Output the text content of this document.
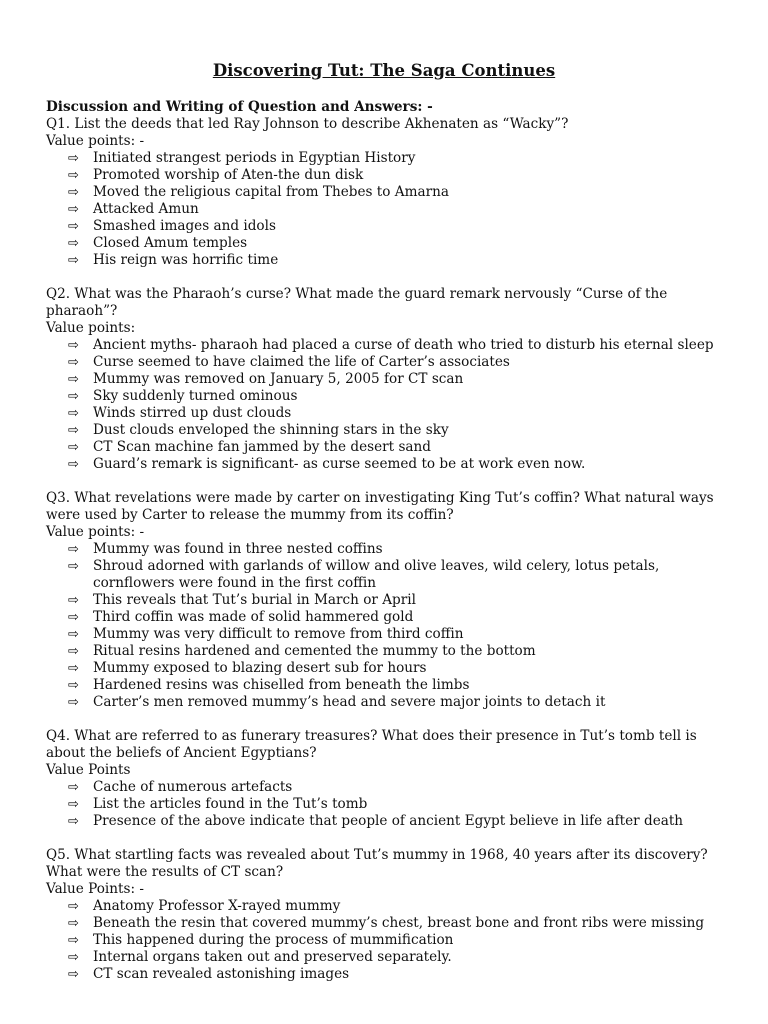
Discovering Tut: The Saga Continues
Discussion and Writing of Question and Answers: -
Q1. List the deeds that led Ray Johnson to describe Akhenaten as “Wacky”?
Value points: -
⇨	Initiated strangest periods in Egyptian History
⇨	Promoted worship of Aten-the dun disk
⇨	Moved the religious capital from Thebes to Amarna
⇨	Attacked Amun
⇨	Smashed images and idols
⇨	Closed Amum temples
⇨	His reign was horrific time
Q2. What was the Pharaoh’s curse? What made the guard remark nervously “Curse of the pharaoh”?
Value points:
⇨	Ancient myths- pharaoh had placed a curse of death who tried to disturb his eternal sleep
⇨	Curse seemed to have claimed the life of Carter’s associates
⇨	Mummy was removed on January 5, 2005 for CT scan
⇨	Sky suddenly turned ominous
⇨	Winds stirred up dust clouds
⇨	Dust clouds enveloped the shinning stars in the sky
⇨	CT Scan machine fan jammed by the desert sand
⇨	Guard’s remark is significant- as curse seemed to be at work even now.
Q3. What revelations were made by carter on investigating King Tut’s coffin? What natural ways were used by Carter to release the mummy from its coffin?
Value points: -
⇨	Mummy was found in three nested coffins
⇨	Shroud adorned with garlands of willow and olive leaves, wild celery, lotus petals, cornflowers were found in the first coffin
⇨	This reveals that Tut’s burial in March or April
⇨	Third coffin was made of solid hammered gold
⇨	Mummy was very difficult to remove from third coffin
⇨	Ritual resins hardened and cemented the mummy to the bottom
⇨	Mummy exposed to blazing desert sub for hours
⇨	Hardened resins was chiselled from beneath the limbs
⇨	Carter’s men removed mummy’s head and severe major joints to detach it
Q4. What are referred to as funerary treasures? What does their presence in Tut’s tomb tell is about the beliefs of Ancient Egyptians?
Value Points
⇨	Cache of numerous artefacts
⇨	List the articles found in the Tut’s tomb
⇨	Presence of the above indicate that people of ancient Egypt believe in life after death
Q5. What startling facts was revealed about Tut’s mummy in 1968, 40 years after its discovery? What were the results of CT scan?
Value Points: -
⇨	Anatomy Professor X-rayed mummy
⇨	Beneath the resin that covered mummy’s chest, breast bone and front ribs were missing
⇨	This happened during the process of mummification
⇨	Internal organs taken out and preserved separately.
⇨	CT scan revealed astonishing images
